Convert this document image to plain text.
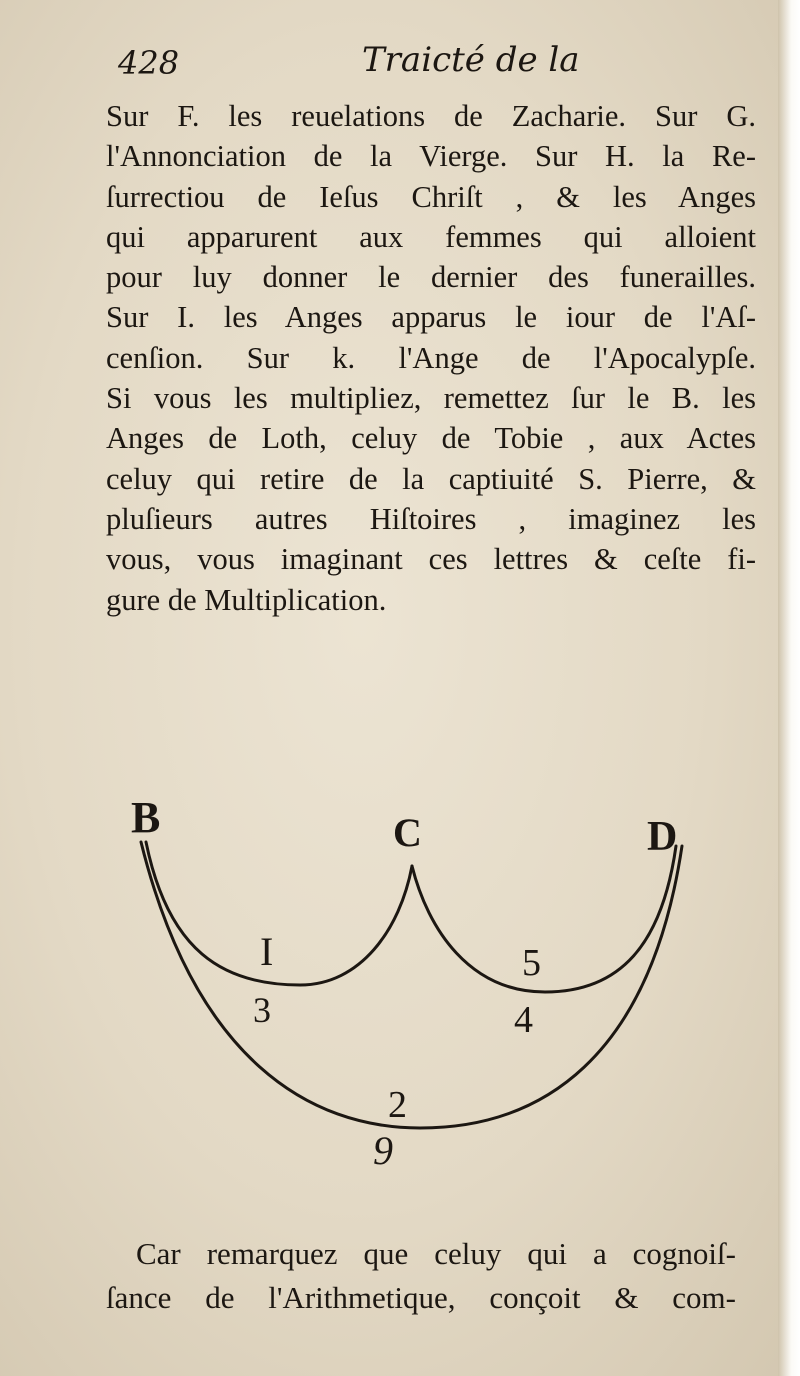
428	Traicté de la
Sur F. les reuelations de Zacharie. Sur G.
l'Annonciation de la Vierge. Sur H. la Re-
ſurrectiou de Ieſus Chriſt , & les Anges
qui apparurent aux femmes qui alloient
pour luy donner le dernier des funerailles.
Sur I. les Anges apparus le iour de l'Aſ-
cenſion. Sur k. l'Ange de l'Apocalypſe.
Si vous les multipliez, remettez ſur le B. les
Anges de Loth, celuy de Tobie , aux Actes
celuy qui retire de la captiuité S. Pierre, &
pluſieurs autres Hiſtoires , imaginez les
vous, vous imaginant ces lettres & ceſte fi-
gure de Multiplication.
B	C	D
I
3
5
4
2
9
Car remarquez que celuy qui a cognoiſ-
ſance de l'Arithmetique, conçoit & com-
